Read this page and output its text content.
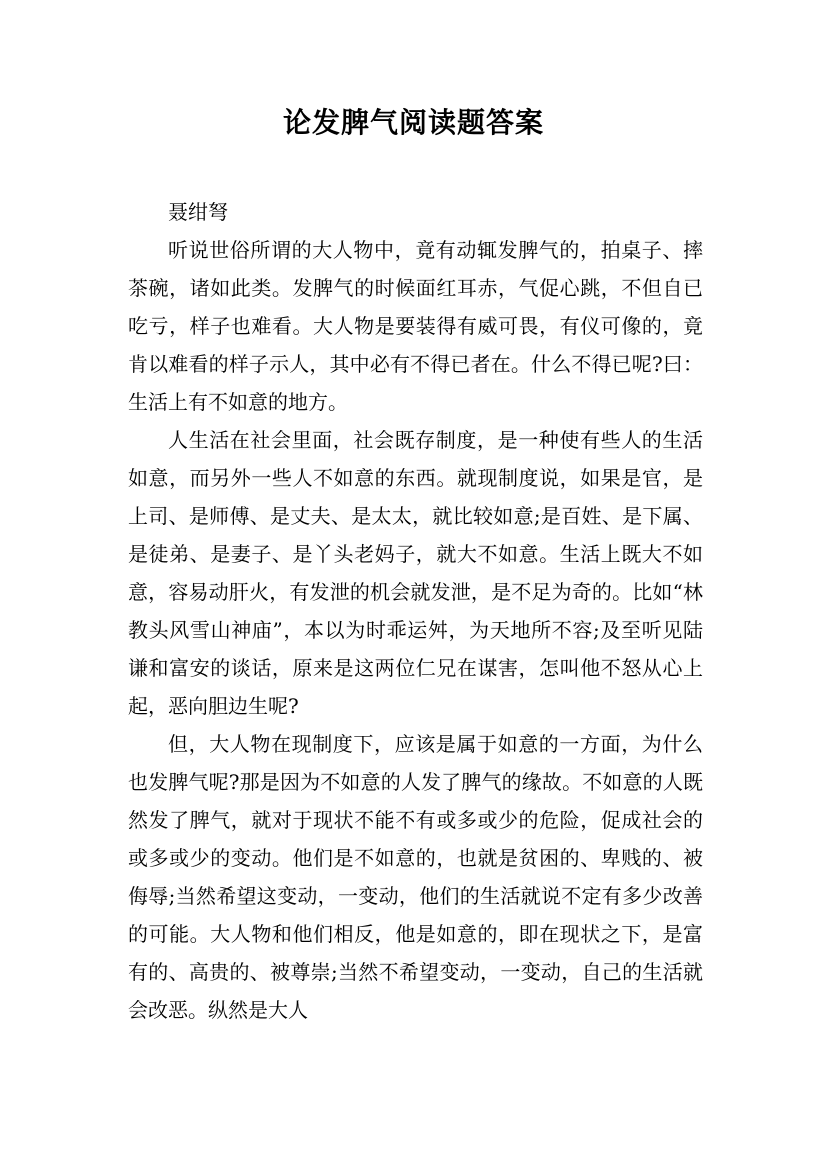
论发脾气阅读题答案

聂绀弩

听说世俗所谓的大人物中，竟有动辄发脾气的，拍桌子、摔茶碗，诸如此类。发脾气的时候面红耳赤，气促心跳，不但自已吃亏，样子也难看。大人物是要装得有威可畏，有仪可像的，竟肯以难看的样子示人，其中必有不得已者在。什么不得已呢?曰：生活上有不如意的地方。

人生活在社会里面，社会既存制度，是一种使有些人的生活如意，而另外一些人不如意的东西。就现制度说，如果是官，是上司、是师傅、是丈夫、是太太，就比较如意;是百姓、是下属、是徒弟、是妻子、是丫头老妈子，就大不如意。生活上既大不如意，容易动肝火，有发泄的机会就发泄，是不足为奇的。比如“林教头风雪山神庙”，本以为时乖运舛，为天地所不容;及至听见陆谦和富安的谈话，原来是这两位仁兄在谋害，怎叫他不怒从心上起，恶向胆边生呢?

但，大人物在现制度下，应该是属于如意的一方面，为什么也发脾气呢?那是因为不如意的人发了脾气的缘故。不如意的人既然发了脾气，就对于现状不能不有或多或少的危险，促成社会的或多或少的变动。他们是不如意的，也就是贫困的、卑贱的、被侮辱;当然希望这变动，一变动，他们的生活就说不定有多少改善的可能。大人物和他们相反，他是如意的，即在现状之下，是富有的、高贵的、被尊崇;当然不希望变动，一变动，自己的生活就会改恶。纵然是大人
